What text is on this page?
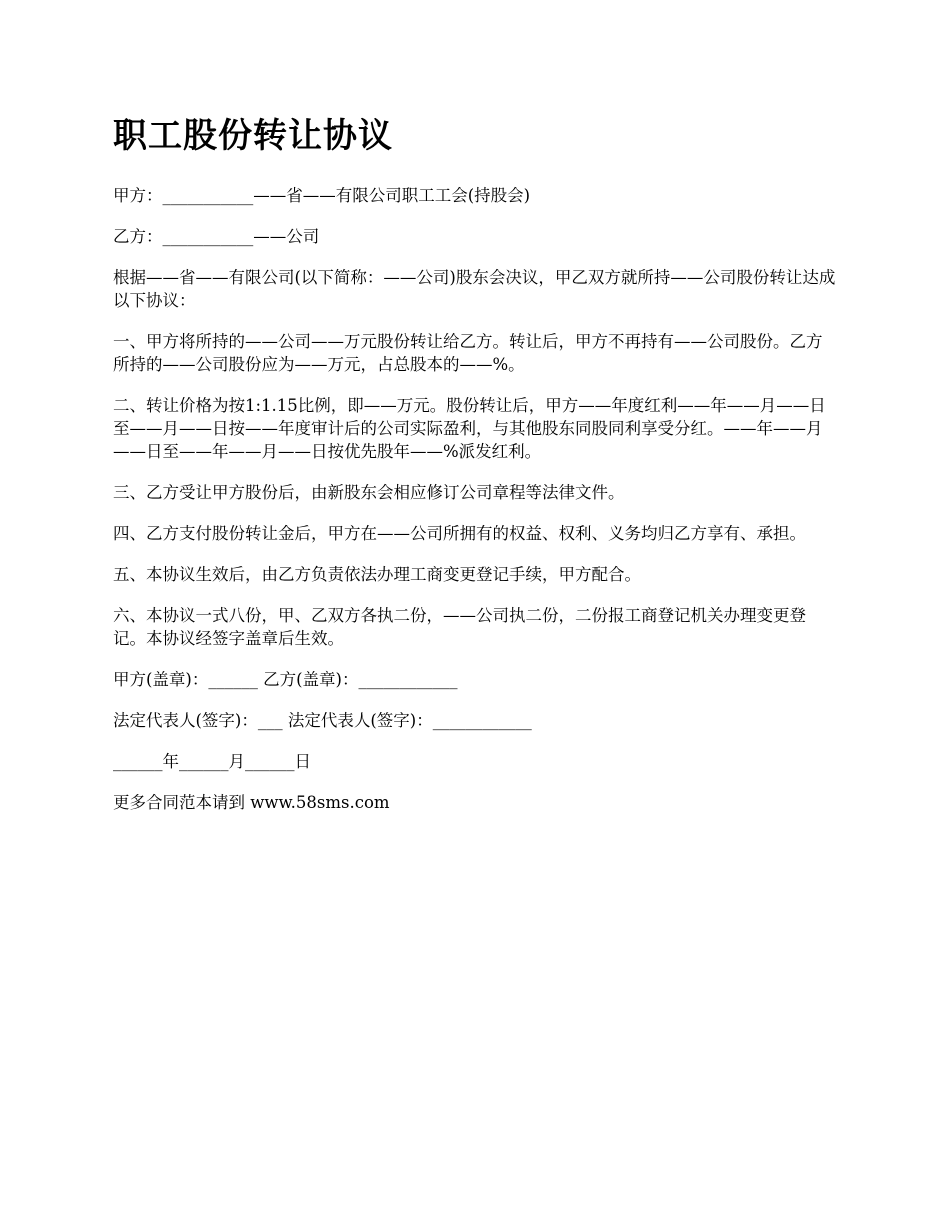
职工股份转让协议

甲方：___________——省——有限公司职工工会(持股会)

乙方：___________——公司

根据——省——有限公司(以下简称：——公司)股东会决议，甲乙双方就所持——公司股份转让达成以下协议：

一、甲方将所持的——公司——万元股份转让给乙方。转让后，甲方不再持有——公司股份。乙方所持的——公司股份应为——万元，占总股本的——%。

二、转让价格为按1:1.15比例，即——万元。股份转让后，甲方——年度红利——年——月——日至——月——日按——年度审计后的公司实际盈利，与其他股东同股同利享受分红。——年——月——日至——年——月——日按优先股年——%派发红利。

三、乙方受让甲方股份后，由新股东会相应修订公司章程等法律文件。

四、乙方支付股份转让金后，甲方在——公司所拥有的权益、权利、义务均归乙方享有、承担。

五、本协议生效后，由乙方负责依法办理工商变更登记手续，甲方配合。

六、本协议一式八份，甲、乙双方各执二份，——公司执二份，二份报工商登记机关办理变更登记。本协议经签字盖章后生效。

甲方(盖章)：______ 乙方(盖章)：____________

法定代表人(签字)：___ 法定代表人(签字)：____________

______年______月______日

更多合同范本请到 www.58sms.com
